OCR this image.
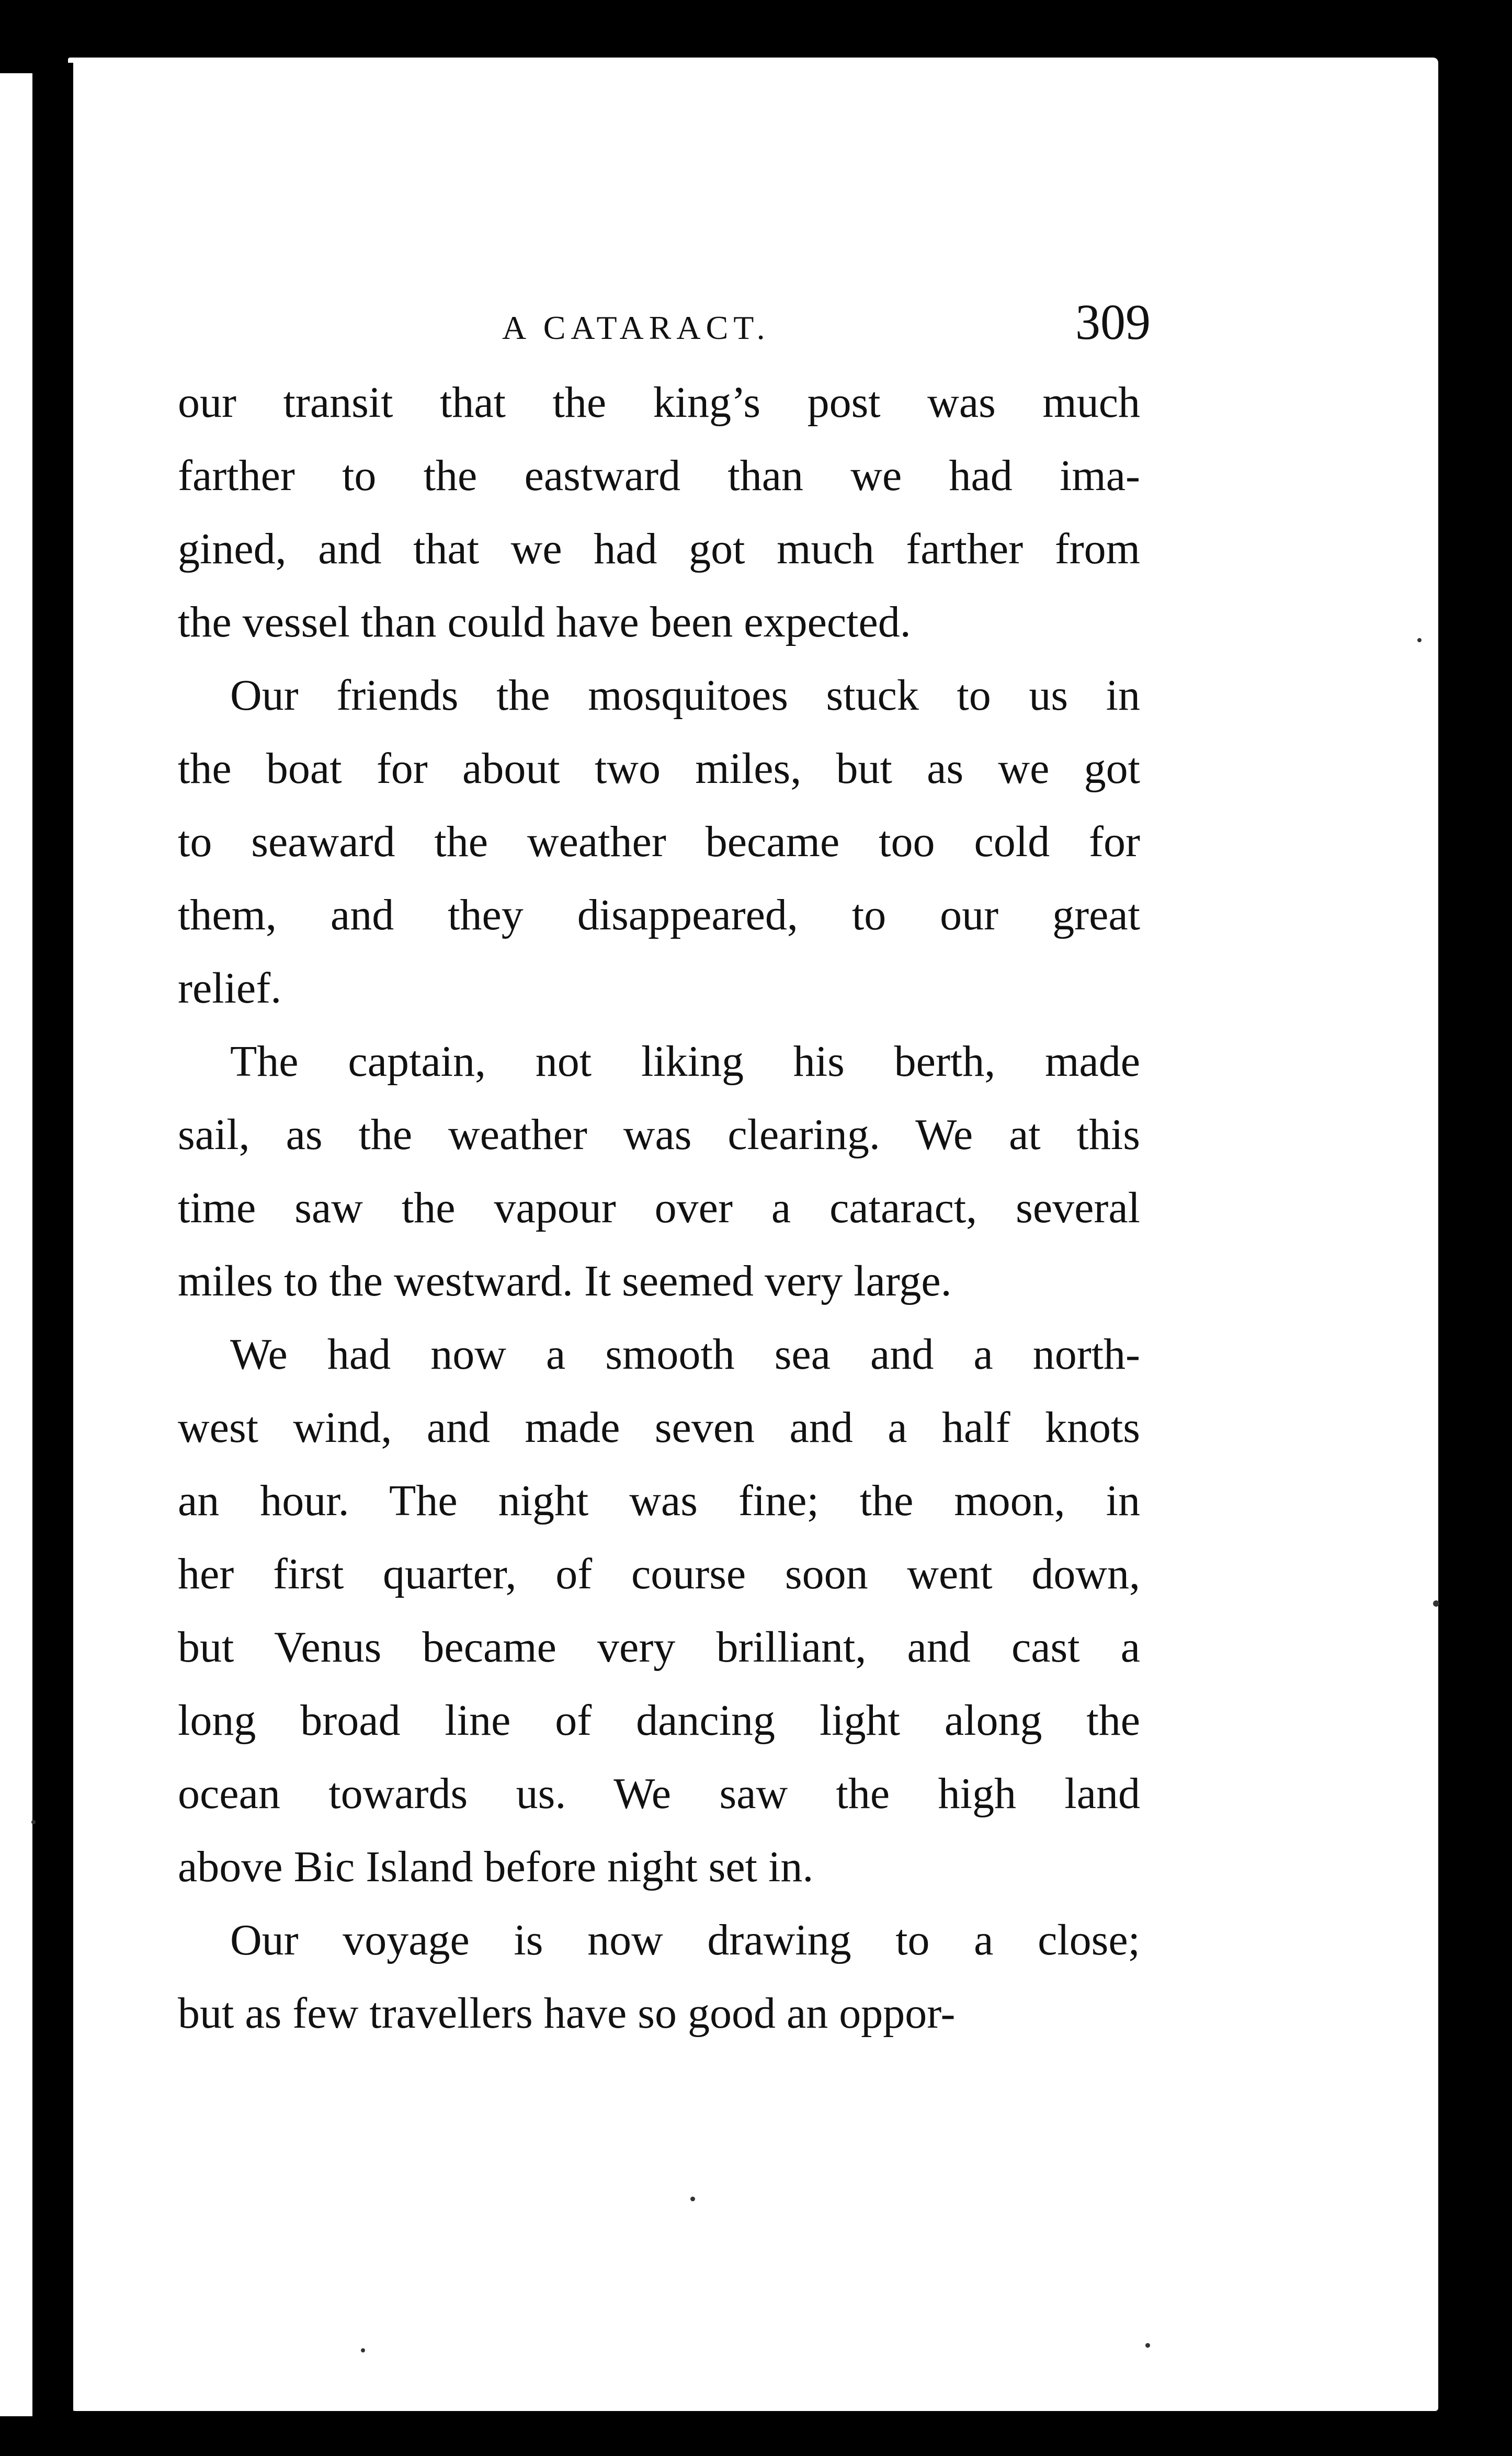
A CATARACT.	309
our transit that the king’s post was much
farther to the eastward than we had ima-
gined, and that we had got much farther from
the vessel than could have been expected.
Our friends the mosquitoes stuck to us in
the boat for about two miles, but as we got
to seaward the weather became too cold for
them, and they disappeared, to our great
relief.
The captain, not liking his berth, made
sail, as the weather was clearing. We at this
time saw the vapour over a cataract, several
miles to the westward. It seemed very large.
We had now a smooth sea and a north-
west wind, and made seven and a half knots
an hour. The night was fine; the moon, in
her first quarter, of course soon went down,
but Venus became very brilliant, and cast a
long broad line of dancing light along the
ocean towards us. We saw the high land
above Bic Island before night set in.
Our voyage is now drawing to a close;
but as few travellers have so good an oppor-
